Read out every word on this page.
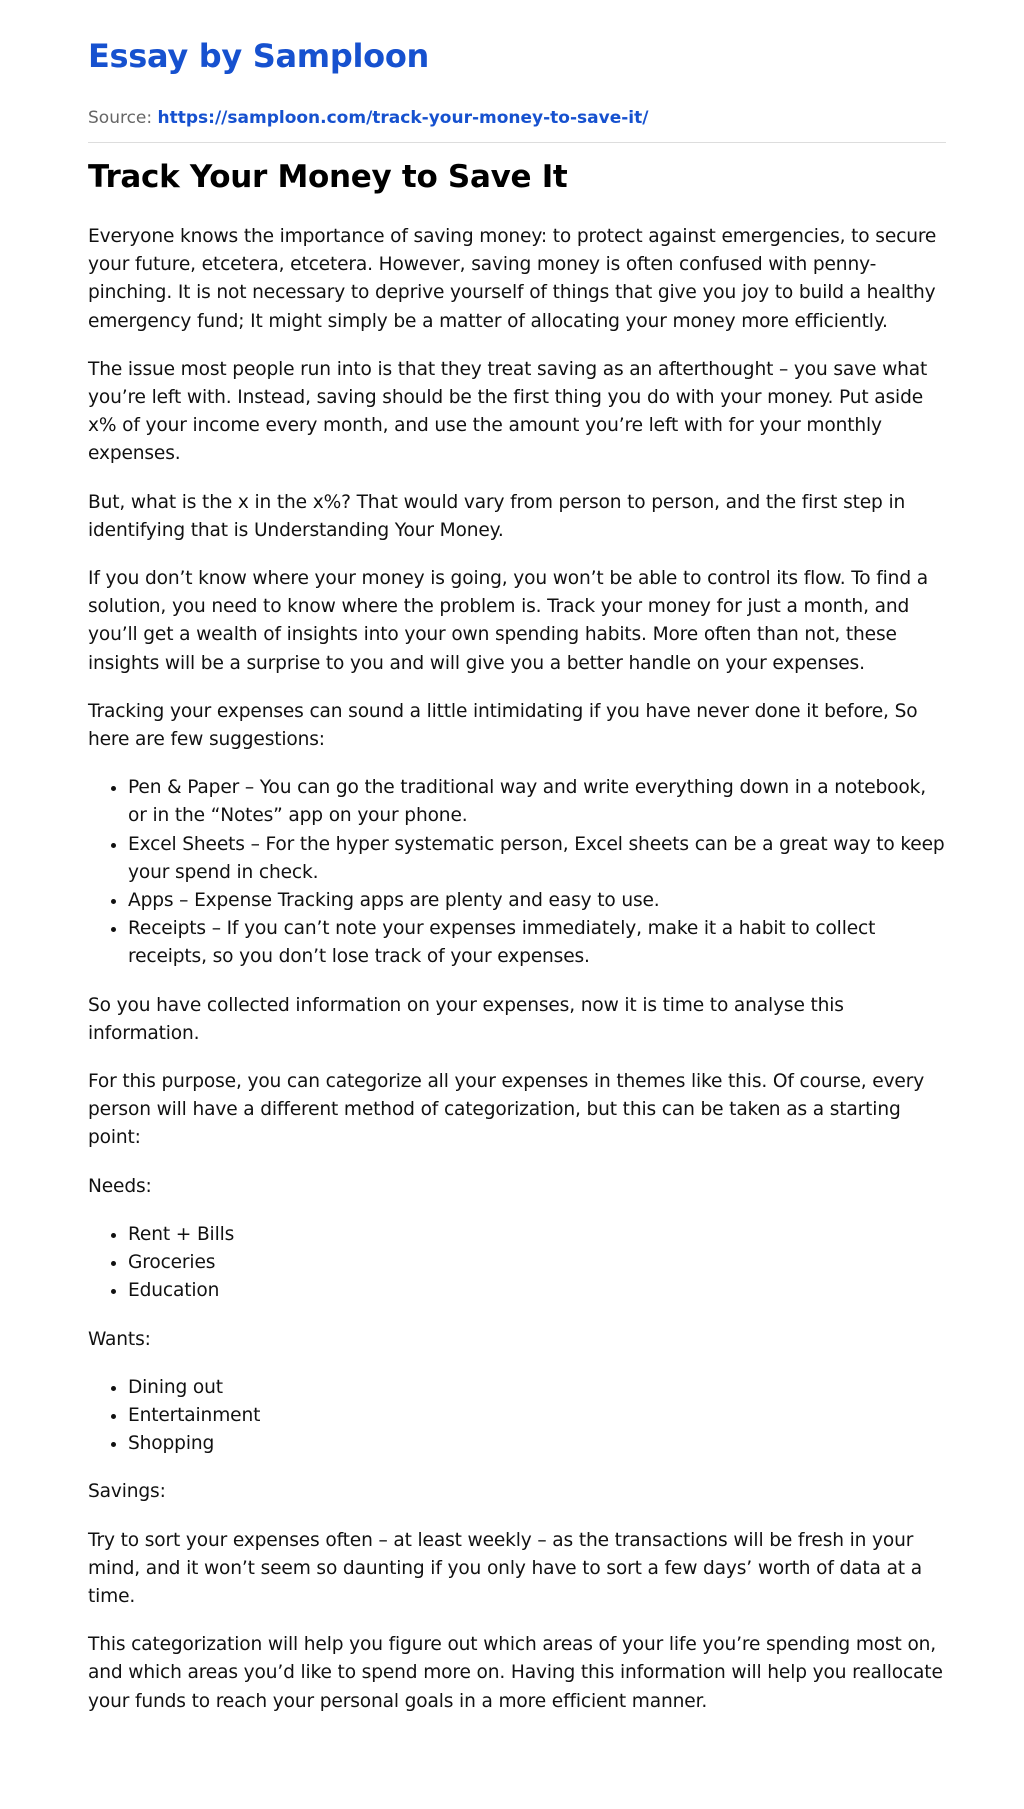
Essay by Samploon
Source: https://samploon.com/track-your-money-to-save-it/
Track Your Money to Save It

Everyone knows the importance of saving money: to protect against emergencies, to secure your future, etcetera, etcetera. However, saving money is often confused with penny-pinching. It is not necessary to deprive yourself of things that give you joy to build a healthy emergency fund; It might simply be a matter of allocating your money more efficiently.

The issue most people run into is that they treat saving as an afterthought – you save what you’re left with. Instead, saving should be the first thing you do with your money. Put aside x% of your income every month, and use the amount you’re left with for your monthly expenses.

But, what is the x in the x%? That would vary from person to person, and the first step in identifying that is Understanding Your Money.

If you don’t know where your money is going, you won’t be able to control its flow. To find a solution, you need to know where the problem is. Track your money for just a month, and you’ll get a wealth of insights into your own spending habits. More often than not, these insights will be a surprise to you and will give you a better handle on your expenses.

Tracking your expenses can sound a little intimidating if you have never done it before, So here are few suggestions:

• Pen & Paper – You can go the traditional way and write everything down in a notebook, or in the “Notes” app on your phone.
• Excel Sheets – For the hyper systematic person, Excel sheets can be a great way to keep your spend in check.
• Apps – Expense Tracking apps are plenty and easy to use.
• Receipts – If you can’t note your expenses immediately, make it a habit to collect receipts, so you don’t lose track of your expenses.

So you have collected information on your expenses, now it is time to analyse this information.

For this purpose, you can categorize all your expenses in themes like this. Of course, every person will have a different method of categorization, but this can be taken as a starting point:

Needs:

• Rent + Bills
• Groceries
• Education

Wants:

• Dining out
• Entertainment
• Shopping

Savings:

Try to sort your expenses often – at least weekly – as the transactions will be fresh in your mind, and it won’t seem so daunting if you only have to sort a few days’ worth of data at a time.

This categorization will help you figure out which areas of your life you’re spending most on, and which areas you’d like to spend more on. Having this information will help you reallocate your funds to reach your personal goals in a more efficient manner.
